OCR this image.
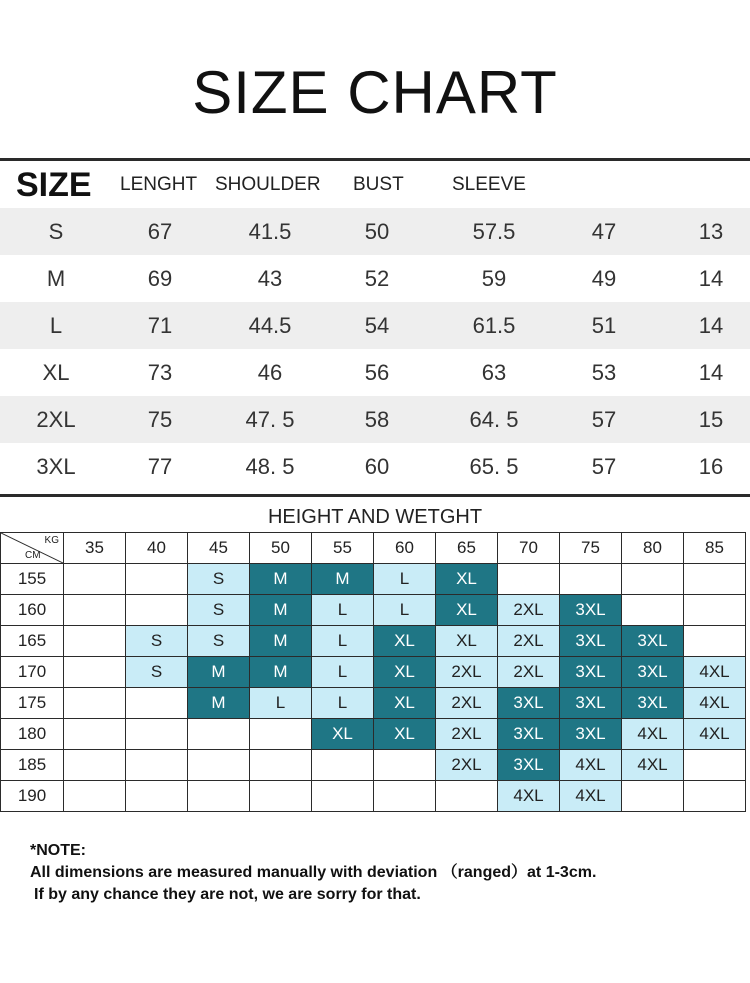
SIZE CHART
SIZE LENGHT SHOULDER BUST	SLEEVE
S	67	41.5	50	57.5	47	13
M	69	43	52	59	49	14
L	71	44.5	54	61.5	51	14
XL	73	46	56	63	53	14
2XL	75	47. 5	58	64. 5	57	15
3XL	77	48. 5	60	65. 5	57	16
HEIGHT AND WETGHT
KG
CM	35	40	45	50	55	60	65	70	75	80	85
155			S	M	M	L	XL				
160			S	M	L	L	XL	2XL	3XL		
165		S	S	M	L	XL	XL	2XL	3XL	3XL	
170		S	M	M	L	XL	2XL	2XL	3XL	3XL	4XL
175			M	L	L	XL	2XL	3XL	3XL	3XL	4XL
180					XL	XL	2XL	3XL	3XL	4XL	4XL
185							2XL	3XL	4XL	4XL	
190								4XL	4XL		
*NOTE:
All dimensions are measured manually with deviation （ranged）at 1-3cm.
If by any chance they are not, we are sorry for that.
